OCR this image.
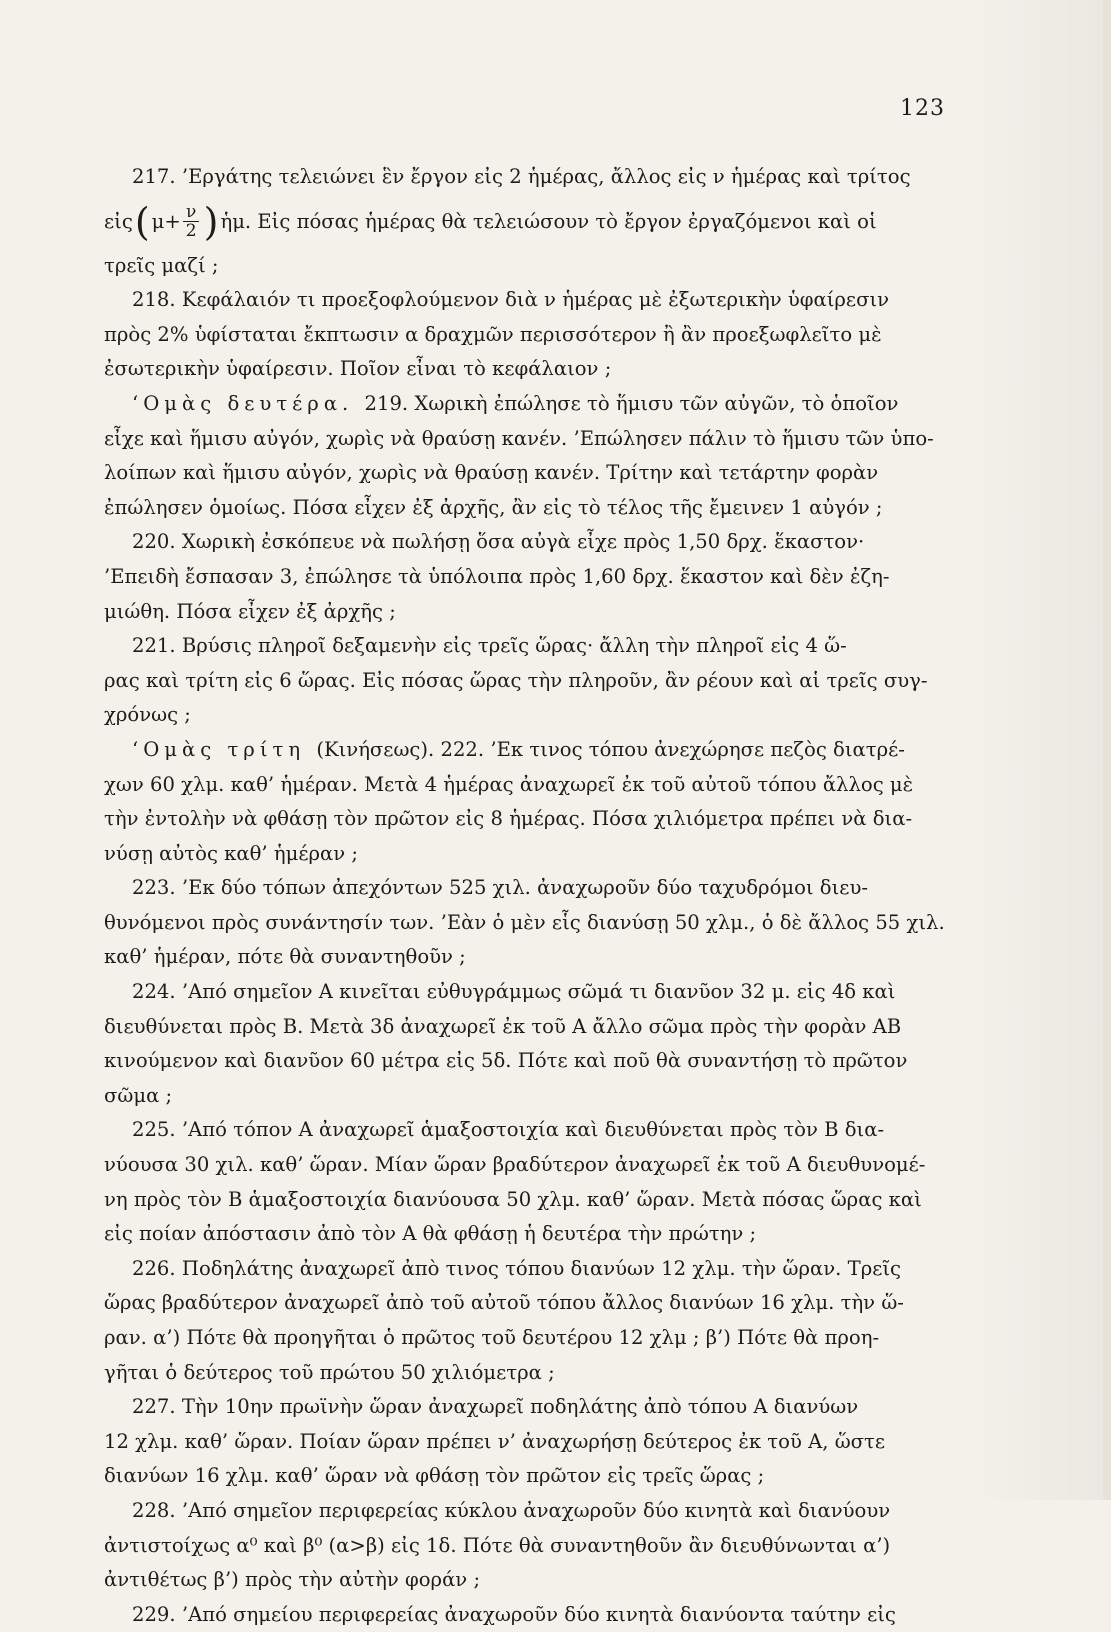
123
217. ’Εργάτης τελειώνει ἓν ἔργον εἰς 2 ἡμέρας, ἄλλος εἰς ν ἡμέρας καὶ τρίτος
εἰς ( $\mu+ \frac{\nu}{2}$ ) ἡμ. Εἰς πόσας ἡμέρας θὰ τελειώσουν τὸ ἔργον ἐργαζόμενοι καὶ οἱ
τρεῖς μαζί ;
218. Κεφάλαιόν τι προεξοφλούμενον διὰ ν ἡμέρας μὲ ἐξωτερικὴν ὑφαίρεσιν
πρὸς 2% ὑφίσταται ἔκπτωσιν α δραχμῶν περισσότερον ἢ ἂν προεξωφλεῖτο μὲ
ἐσωτερικὴν ὑφαίρεσιν. Ποῖον εἶναι τὸ κεφάλαιον ;
‘Ομὰς δευτέρα. 219. Χωρικὴ ἐπώλησε τὸ ἥμισυ τῶν αὐγῶν, τὸ ὁποῖον
εἶχε καὶ ἥμισυ αὐγόν, χωρὶς νὰ θραύσῃ κανέν. ’Επώλησεν πάλιν τὸ ἥμισυ τῶν ὑπο-
λοίπων καὶ ἥμισυ αὐγόν, χωρὶς νὰ θραύσῃ κανέν. Τρίτην καὶ τετάρτην φορὰν
ἐπώλησεν ὁμοίως. Πόσα εἶχεν ἐξ ἀρχῆς, ἂν εἰς τὸ τέλος τῆς ἔμεινεν 1 αὐγόν ;
220. Χωρικὴ ἐσκόπευε νὰ πωλήσῃ ὅσα αὐγὰ εἶχε πρὸς 1,50 δρχ. ἕκαστον·
’Επειδὴ ἔσπασαν 3, ἐπώλησε τὰ ὑπόλοιπα πρὸς 1,60 δρχ. ἕκαστον καὶ δὲν ἐζη-
μιώθη. Πόσα εἶχεν ἐξ ἀρχῆς ;
221. Βρύσις πληροῖ δεξαμενὴν εἰς τρεῖς ὥρας· ἄλλη τὴν πληροῖ εἰς 4 ὥ-
ρας καὶ τρίτη εἰς 6 ὥρας. Εἰς πόσας ὥρας τὴν πληροῦν, ἂν ρέουν καὶ αἱ τρεῖς συγ-
χρόνως ;
‘Ομὰς τρίτη (Κινήσεως). 222. ’Εκ τινος τόπου ἀνεχώρησε πεζὸς διατρέ-
χων 60 χλμ. καθ’ ἡμέραν. Μετὰ 4 ἡμέρας ἀναχωρεῖ ἐκ τοῦ αὐτοῦ τόπου ἄλλος μὲ
τὴν ἐντολὴν νὰ φθάσῃ τὸν πρῶτον εἰς 8 ἡμέρας. Πόσα χιλιόμετρα πρέπει νὰ δια-
νύσῃ αὐτὸς καθ’ ἡμέραν ;
223. ’Εκ δύο τόπων ἀπεχόντων 525 χιλ. ἀναχωροῦν δύο ταχυδρόμοι διευ-
θυνόμενοι πρὸς συνάντησίν των. ’Εὰν ὁ μὲν εἷς διανύσῃ 50 χλμ., ὁ δὲ ἄλλος 55 χιλ.
καθ’ ἡμέραν, πότε θὰ συναντηθοῦν ;
224. ’Από σημεῖον Α κινεῖται εὐθυγράμμως σῶμά τι διανῦον 32 μ. εἰς 4δ καὶ
διευθύνεται πρὸς Β. Μετὰ 3δ ἀναχωρεῖ ἐκ τοῦ Α ἄλλο σῶμα πρὸς τὴν φορὰν ΑΒ
κινούμενον καὶ διανῦον 60 μέτρα εἰς 5δ. Πότε καὶ ποῦ θὰ συναντήσῃ τὸ πρῶτον
σῶμα ;
225. ’Από τόπον Α ἀναχωρεῖ ἁμαξοστοιχία καὶ διευθύνεται πρὸς τὸν Β δια-
νύουσα 30 χιλ. καθ’ ὥραν. Μίαν ὥραν βραδύτερον ἀναχωρεῖ ἐκ τοῦ Α διευθυνομέ-
νη πρὸς τὸν Β ἁμαξοστοιχία διανύουσα 50 χλμ. καθ’ ὥραν. Μετὰ πόσας ὥρας καὶ
εἰς ποίαν ἀπόστασιν ἀπὸ τὸν Α θὰ φθάσῃ ἡ δευτέρα τὴν πρώτην ;
226. Ποδηλάτης ἀναχωρεῖ ἀπὸ τινος τόπου διανύων 12 χλμ. τὴν ὥραν. Τρεῖς
ὥρας βραδύτερον ἀναχωρεῖ ἀπὸ τοῦ αὐτοῦ τόπου ἄλλος διανύων 16 χλμ. τὴν ὥ-
ραν. α’) Πότε θὰ προηγῆται ὁ πρῶτος τοῦ δευτέρου 12 χλμ ; β’) Πότε θὰ προη-
γῆται ὁ δεύτερος τοῦ πρώτου 50 χιλιόμετρα ;
227. Τὴν 10ην πρωϊνὴν ὥραν ἀναχωρεῖ ποδηλάτης ἀπὸ τόπου Α διανύων
12 χλμ. καθ’ ὥραν. Ποίαν ὥραν πρέπει ν’ ἀναχωρήσῃ δεύτερος ἐκ τοῦ Α, ὥστε
διανύων 16 χλμ. καθ’ ὥραν νὰ φθάσῃ τὸν πρῶτον εἰς τρεῖς ὥρας ;
228. ’Από σημεῖον περιφερείας κύκλου ἀναχωροῦν δύο κινητὰ καὶ διανύουν
ἀντιστοίχως α⁰ καὶ β⁰ (α>β) εἰς 1δ. Πότε θὰ συναντηθοῦν ἂν διευθύνωνται α’)
ἀντιθέτως β’) πρὸς τὴν αὐτὴν φοράν ;
229. ’Από σημείου περιφερείας ἀναχωροῦν δύο κινητὰ διανύοντα ταύτην εἰς
